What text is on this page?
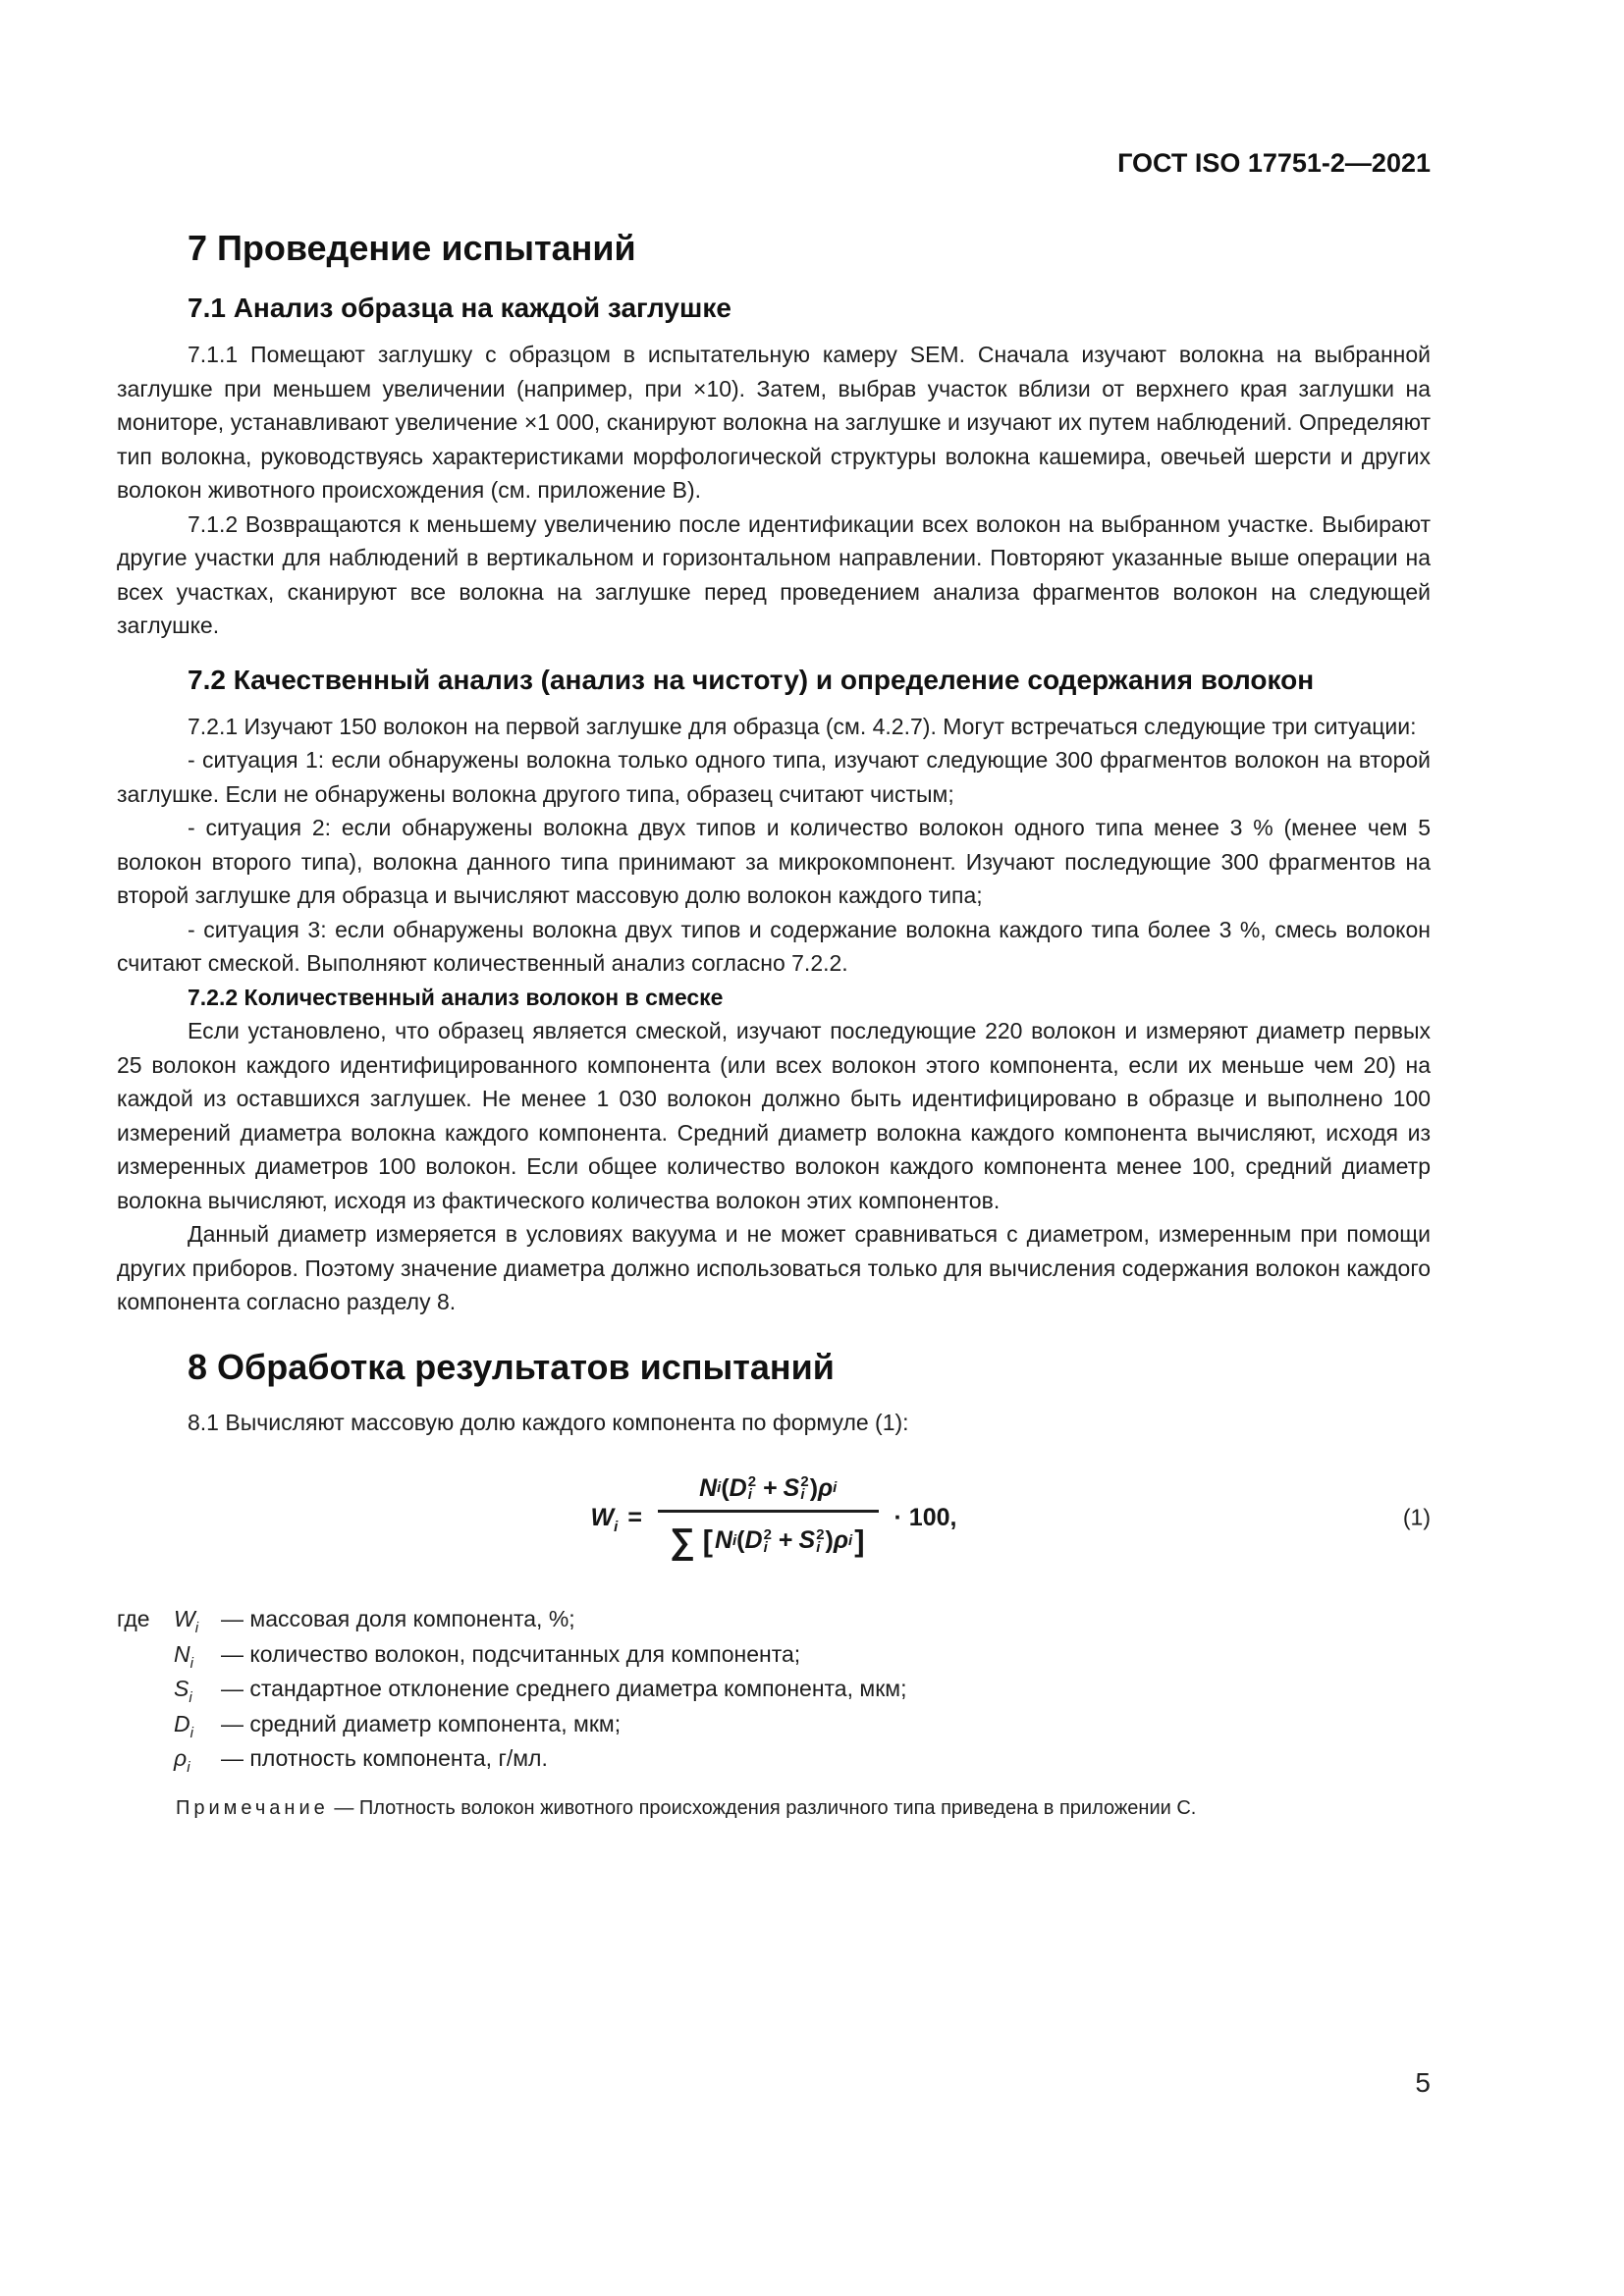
ГОСТ ISO 17751-2—2021
7 Проведение испытаний
7.1 Анализ образца на каждой заглушке

7.1.1 Помещают заглушку с образцом в испытательную камеру SEM. Сначала изучают волокна на выбранной заглушке при меньшем увеличении (например, при ×10). Затем, выбрав участок вблизи от верхнего края заглушки на мониторе, устанавливают увеличение ×1 000, сканируют волокна на заглушке и изучают их путем наблюдений. Определяют тип волокна, руководствуясь характеристиками морфологической структуры волокна кашемира, овечьей шерсти и других волокон животного происхождения (см. приложение В).

7.1.2 Возвращаются к меньшему увеличению после идентификации всех волокон на выбранном участке. Выбирают другие участки для наблюдений в вертикальном и горизонтальном направлении. Повторяют указанные выше операции на всех участках, сканируют все волокна на заглушке перед проведением анализа фрагментов волокон на следующей заглушке.

7.2 Качественный анализ (анализ на чистоту) и определение содержания волокон

7.2.1 Изучают 150 волокон на первой заглушке для образца (см. 4.2.7). Могут встречаться следующие три ситуации:

- ситуация 1: если обнаружены волокна только одного типа, изучают следующие 300 фрагментов волокон на второй заглушке. Если не обнаружены волокна другого типа, образец считают чистым;

- ситуация 2: если обнаружены волокна двух типов и количество волокон одного типа менее 3 % (менее чем 5 волокон второго типа), волокна данного типа принимают за микрокомпонент. Изучают последующие 300 фрагментов на второй заглушке для образца и вычисляют массовую долю волокон каждого типа;

- ситуация 3: если обнаружены волокна двух типов и содержание волокна каждого типа более 3 %, смесь волокон считают смеской. Выполняют количественный анализ согласно 7.2.2.

7.2.2 Количественный анализ волокон в смеске

Если установлено, что образец является смеской, изучают последующие 220 волокон и измеряют диаметр первых 25 волокон каждого идентифицированного компонента (или всех волокон этого компонента, если их меньше чем 20) на каждой из оставшихся заглушек. Не менее 1 030 волокон должно быть идентифицировано в образце и выполнено 100 измерений диаметра волокна каждого компонента. Средний диаметр волокна каждого компонента вычисляют, исходя из измеренных диаметров 100 волокон. Если общее количество волокон каждого компонента менее 100, средний диаметр волокна вычисляют, исходя из фактического количества волокон этих компонентов.

Данный диаметр измеряется в условиях вакуума и не может сравниваться с диаметром, измеренным при помощи других приборов. Поэтому значение диаметра должно использоваться только для вычисления содержания волокон каждого компонента согласно разделу 8.

8 Обработка результатов испытаний

8.1 Вычисляют массовую долю каждого компонента по формуле (1):

$W_i = N$ i ( D 2
i + S 2
i ) ρ i
∑ [ N i ( D 2
i + S 2
i ) ρ i ] · 100,	(1)
где	$W_i$ — массовая доля компонента, %;
$N_i$	— количество волокон, подсчитанных для компонента;
$S_i$	— стандартное отклонение среднего диаметра компонента, мкм;
$D_i$	— средний диаметр компонента, мкм;
$\rho_i$	— плотность компонента, г/мл.

Примечание — Плотность волокон животного происхождения различного типа приведена в приложении С.

5
